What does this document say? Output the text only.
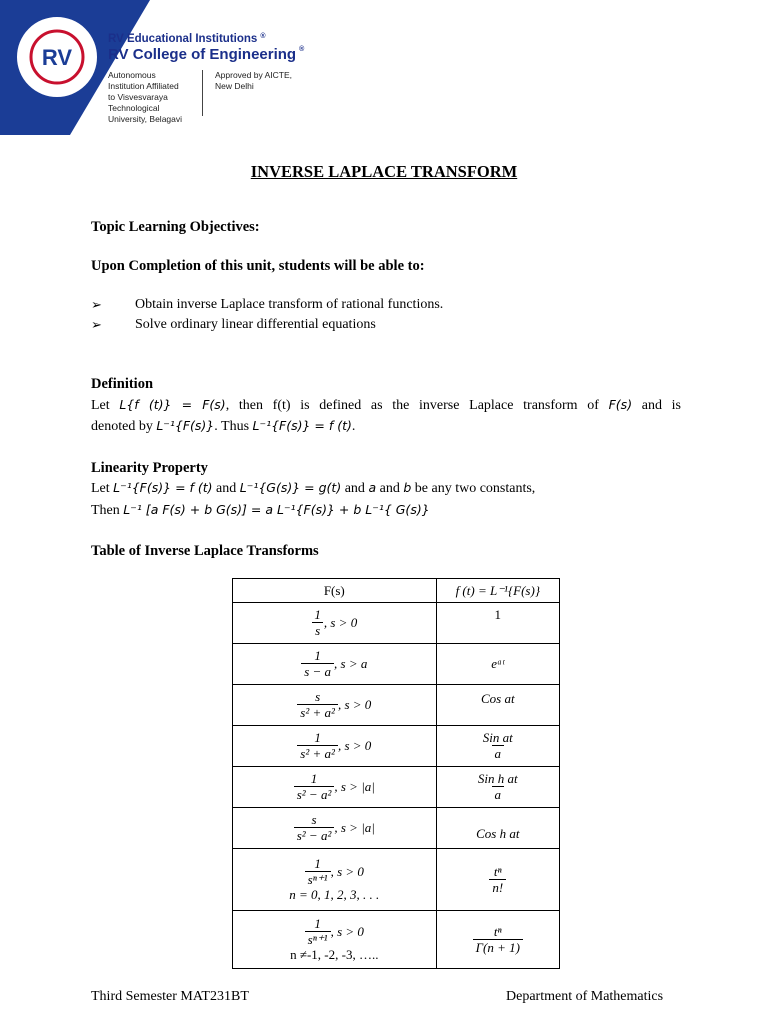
RV
RV Educational Institutions ®
RV College of Engineering ®
Autonomous
Institution Affiliated
to Visvesvaraya
Technological
University, Belagavi
Approved by AICTE,
New Delhi
INVERSE LAPLACE TRANSFORM
Topic Learning Objectives:
Upon Completion of this unit, students will be able to:
➢ Obtain inverse Laplace transform of rational functions.
➢ Solve ordinary linear differential equations
Definition
Let L{f (t)} = F(s), then f(t) is defined as the inverse Laplace transform of F(s) and is
denoted by L⁻¹{F(s)}. Thus L⁻¹{F(s)} = f (t).
Linearity Property
Let L⁻¹{F(s)} = f (t) and L⁻¹{G(s)} = g(t) and a and b be any two constants,
Then L⁻¹ [a F(s) + b G(s)] = a L⁻¹{F(s)} + b L⁻¹{ G(s)}
Table of Inverse Laplace Transforms
F(s)	f (t) = L⁻¹{F(s)}

$\frac{1}{s}$ , s > 0	1

$\frac{1}{s - a}$ , s > a	eᵃᵗ

$\frac{s}{\text{s² + a²}}$ , s > 0	Cos at

$\frac{1}{\text{s² + a²}}$ , s > 0	$\frac{\text{Sin at}}{a}$

$\frac{1}{\text{s² − a²}}$ , s > |a|	$\frac{\text{Sin h at}}{a}$

$\frac{s}{\text{s² − a²}}$ , s > |a|	Cos h at

$\frac{1}{\text{sⁿ⁺¹}}$ , s > 0
n = 0, 1, 2, 3, . . .	$\frac{\text{tⁿ}}{n!}$

$\frac{1}{\text{sⁿ⁺¹}}$ , s > 0
n ≠-1, -2, -3, …..	$\frac{\text{tⁿ}}{\Gamma(n + 1)}$
Third Semester MAT231BT	Department of Mathematics
